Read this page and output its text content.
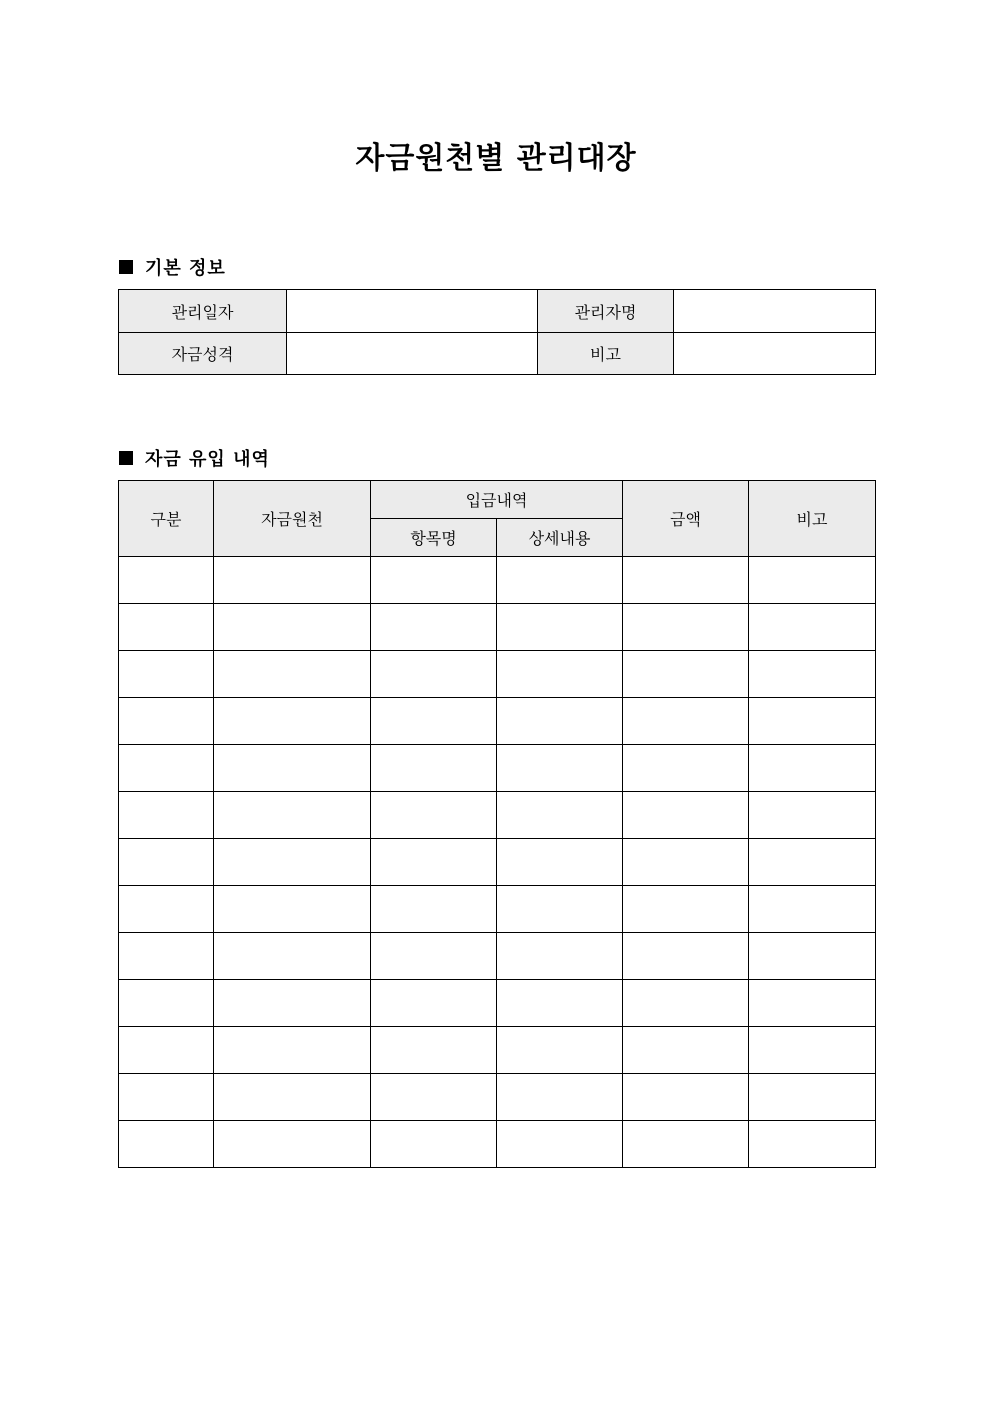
자금원천별 관리대장
기본 정보
관리일자		관리자명	
자금성격		비고	
자금 유입 내역
구분	자금원천	입금내역		금액	비고
		항목명	상세내용		
